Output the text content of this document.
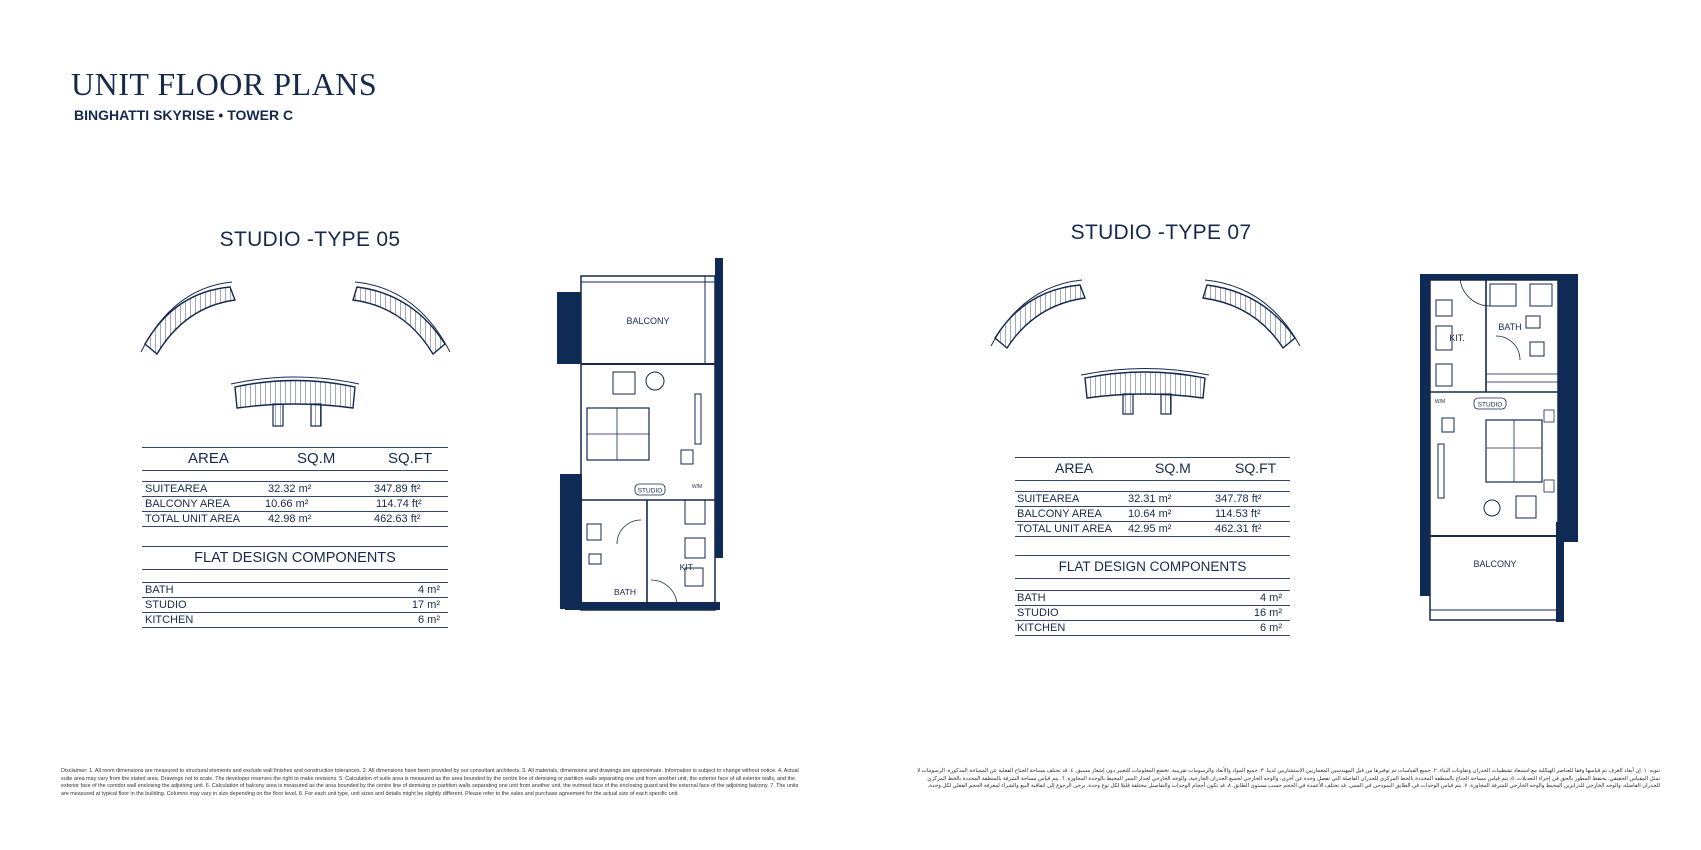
UNIT FLOOR PLANS
BINGHATTI SKYRISE • TOWER C
STUDIO -TYPE 05
AREA	SQ.M	SQ.FT
SUITEAREA	32.32 m²	347.89 ft²
BALCONY AREA	10.66 m²	114.74 ft²
TOTAL UNIT AREA	42.98 m²	462.63 ft²
FLAT DESIGN COMPONENTS
BATH	4 m²
STUDIO	17 m²
KITCHEN	6 m²
BALCONY
STUDIO
KIT.
BATH
W/M
STUDIO -TYPE 07
AREA	SQ.M	SQ.FT
SUITEAREA	32.31 m²	347.78 ft²
BALCONY AREA 10.64 m²	114.53 ft²
TOTAL UNIT AREA 42.95 m²	462.31 ft²
FLAT DESIGN COMPONENTS
BATH	4 m²
STUDIO	16 m²
KITCHEN	6 m²
KIT.
BATH
STUDIO
BALCONY
W/M
Disclaimer: 1. All room dimensions are measured to structural elements and exclude wall finishes and construction tolerances. 2. All dimensions have been provided by our consultant architects. 3. All materials, dimensions and drawings are approximate. Information is subject to change without notice. 4. Actual suite area may vary from the stated area. Drawings not to scale. The developer reserves the right to make revisions. 5. Calculation of suite area is measured as the area bounded by the centre line of demising or partition walls separating one unit from another unit, the exterior face of all exterior walls, and the exterior face of the corridor wall enclosing the adjoining unit. 6. Calculation of balcony area is measured as the area bounded by the centre line of demising or partition walls separating one unit from another unit, the outmost face of the enclosing guard and the external face of the adjoining balcony. 7. The units are measured at typical floor in the building. Columns may vary in size depending on the floor level. 8. For each unit type, unit sizes and details might be slightly different. Please refer to the sales and purchase agreement for the actual size of each specific unit.
تنويه: ١. إن أبعاد الغرف تم قياسها وفقا للعناصر الهيكلية مع استبعاد تشطيبات الجدران وتفاوتات البناء. ٢. جميع القياسات تم توفيرها من قبل المهندسين المعماريين الاستشاريين لدينا. ٣. جميع المواد والأبعاد والرسومات تقريبية. تخضع المعلومات للتغيير دون إشعار مسبق. ٤. قد تختلف مساحة الجناح الفعلية عن المساحة المذكورة. الرسومات لا تمثل المقياس الحقيقي. يحتفظ المطور بالحق في إجراء التعديلات. ٥. يتم قياس مساحة الجناح بالمنطقة المحددة بالخط المركزي للجدران الفاصلة التي تفصل وحدة عن أخرى، والوجه الخارجي لجميع الجدران الخارجية، والوجه الخارجي لجدار الممر المحيط بالوحدة المجاورة. ٦. يتم قياس مساحة الشرفة بالمنطقة المحددة بالخط المركزي للجدران الفاصلة، والوجه الخارجي للدرابزين المحيط والوجه الخارجي للشرفة المجاورة. ٧. يتم قياس الوحدات في الطابق النموذجي في المبنى. قد تختلف الأعمدة في الحجم حسب مستوى الطابق. ٨. قد تكون أحجام الوحدات والتفاصيل مختلفة قليلا لكل نوع وحدة. يرجى الرجوع إلى اتفاقية البيع والشراء لمعرفة الحجم الفعلي لكل وحدة.
